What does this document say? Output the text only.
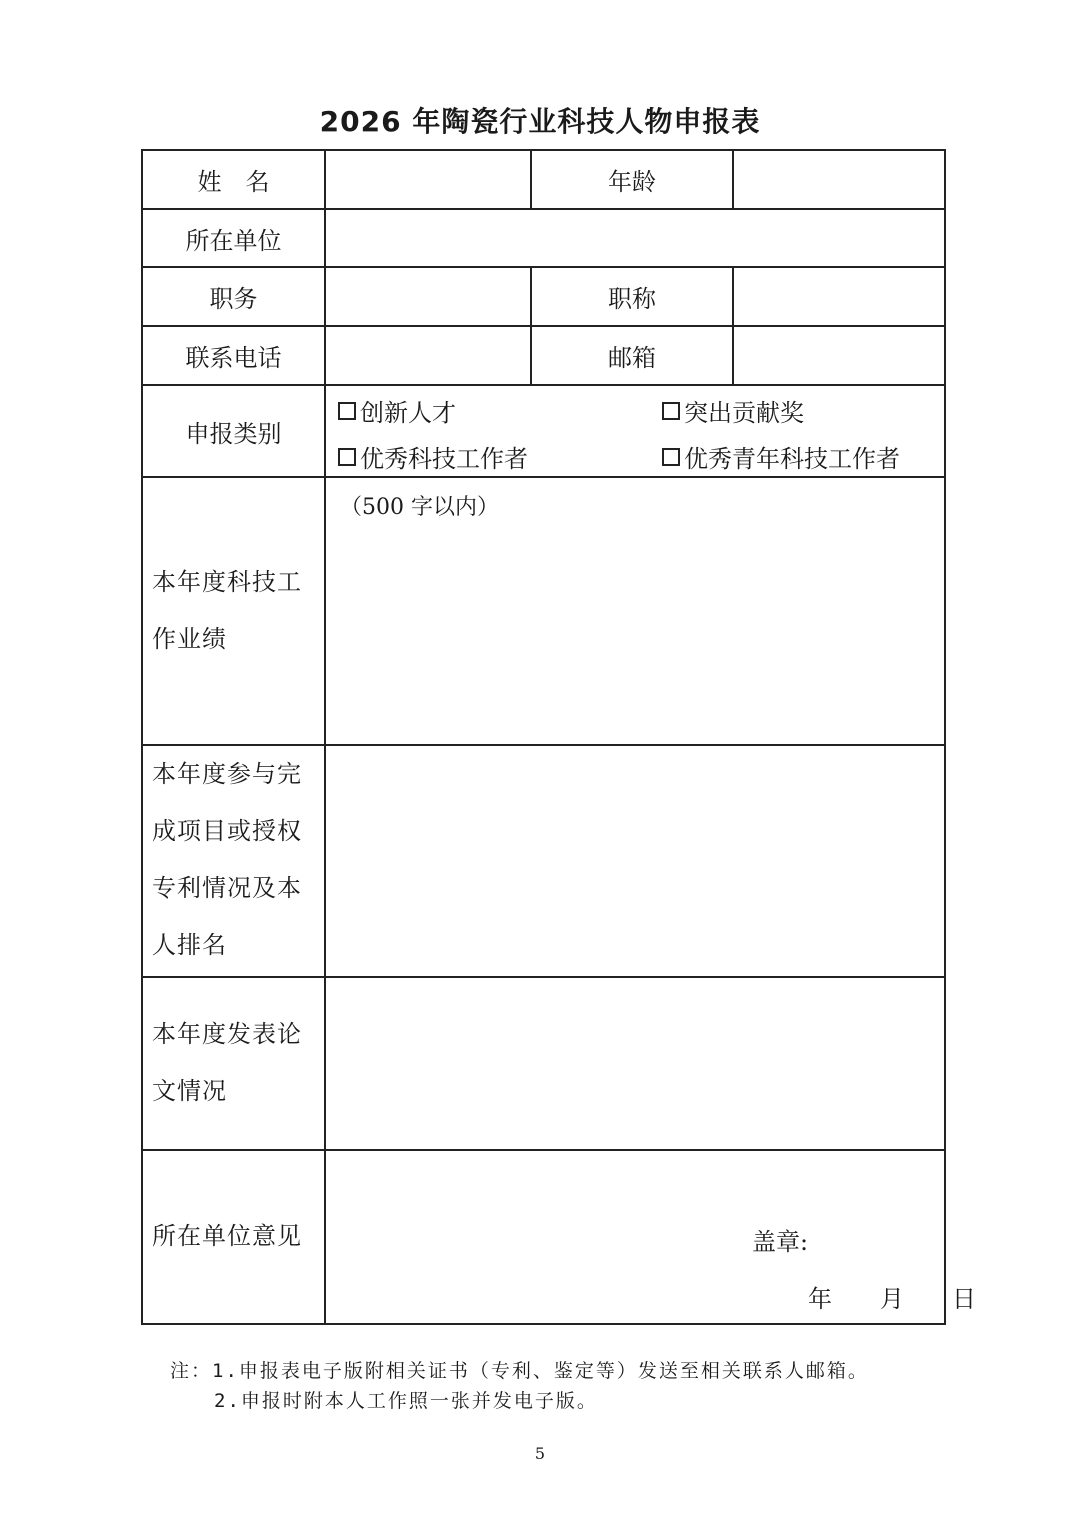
2026 年陶瓷行业科技人物申报表
姓　名	年龄
所在单位
职务	职称
联系电话	邮箱
申报类别
创新人才	突出贡献奖
优秀科技工作者	优秀青年科技工作者
本年度科技工作业绩
（500 字以内）
本年度参与完成项目或授权专利情况及本人排名
本年度发表论文情况
所在单位意见	盖章:
年　　月　　日
注：1.申报表电子版附相关证书（专利、鉴定等）发送至相关联系人邮箱。
2.申报时附本人工作照一张并发电子版。
5
